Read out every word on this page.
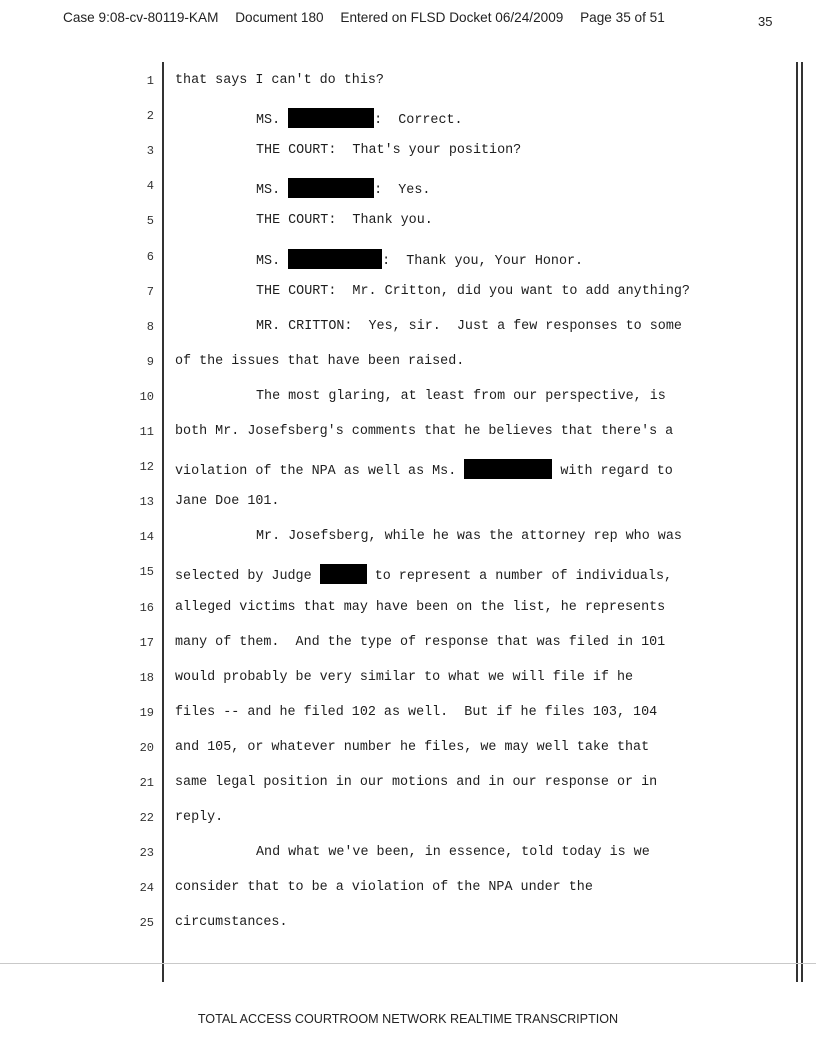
Case 9:08-cv-80119-KAM Document 180 Entered on FLSD Docket 06/24/2009 Page 35 of 51	35
1 that says I can't do this?
2	MS.	:  Correct.
3	THE COURT:  That's your position?
4	MS.	:  Yes.
5	THE COURT:  Thank you.
6	MS.	:  Thank you, Your Honor.
7	THE COURT:  Mr. Critton, did you want to add anything?
8	MR. CRITTON:  Yes, sir.  Just a few responses to some
9 of the issues that have been raised.
10	The most glaring, at least from our perspective, is
11 both Mr. Josefsberg's comments that he believes that there's a
12 violation of the NPA as well as Ms.	with regard to
13 Jane Doe 101.
14	Mr. Josefsberg, while he was the attorney rep who was
15 selected by Judge	to represent a number of individuals,
16 alleged victims that may have been on the list, he represents
17 many of them.  And the type of response that was filed in 101
18 would probably be very similar to what we will file if he
19 files -- and he filed 102 as well.  But if he files 103, 104
20 and 105, or whatever number he files, we may well take that
21 same legal position in our motions and in our response or in
22 reply.
23	And what we've been, in essence, told today is we
24 consider that to be a violation of the NPA under the
25 circumstances.
TOTAL ACCESS COURTROOM NETWORK REALTIME TRANSCRIPTION
